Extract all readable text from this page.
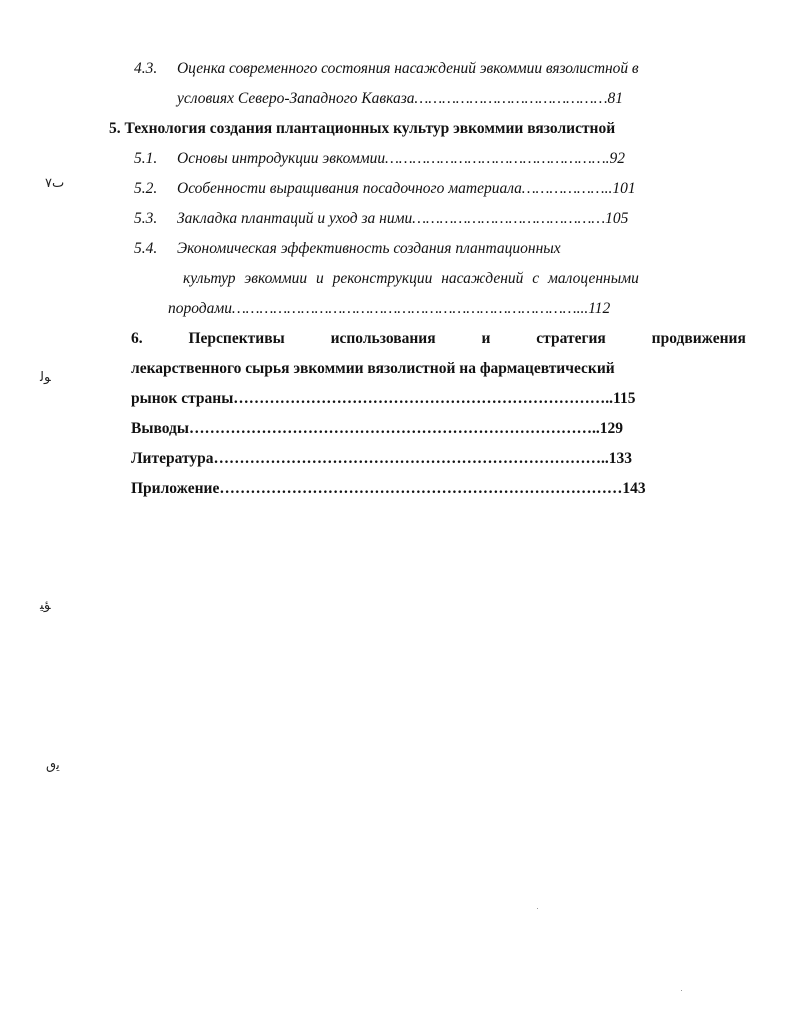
4.3. Оценка современного состояния насаждений эвкоммии вязолистной в
условиях Северо-Западного Кавказа……………………………………81
5. Технология создания плантационных культур эвкоммии вязолистной
5.1. Основы интродукции эвкоммии………………………………………….92
5.2. Особенности выращивания посадочного материала………………..101
5.3. Закладка плантаций и уход за ними……………………………………105
5.4. Экономическая эффективность создания плантационных
культур эвкоммии и реконструкции насаждений с малоценными
породами…………………………………………………………………...112
6. Перспективы использования и стратегия продвижения
лекарственного сырья эвкоммии вязолистной на фармацевтический
рынок страны………………………………………………………………..115
Выводы……………………………………………………………………..129
Литература…………………………………………………………………..133
Приложение……………………………………………………………………143
ٮ٧
ﻮﻟ
ﺆﻴ
ﻳٯ
